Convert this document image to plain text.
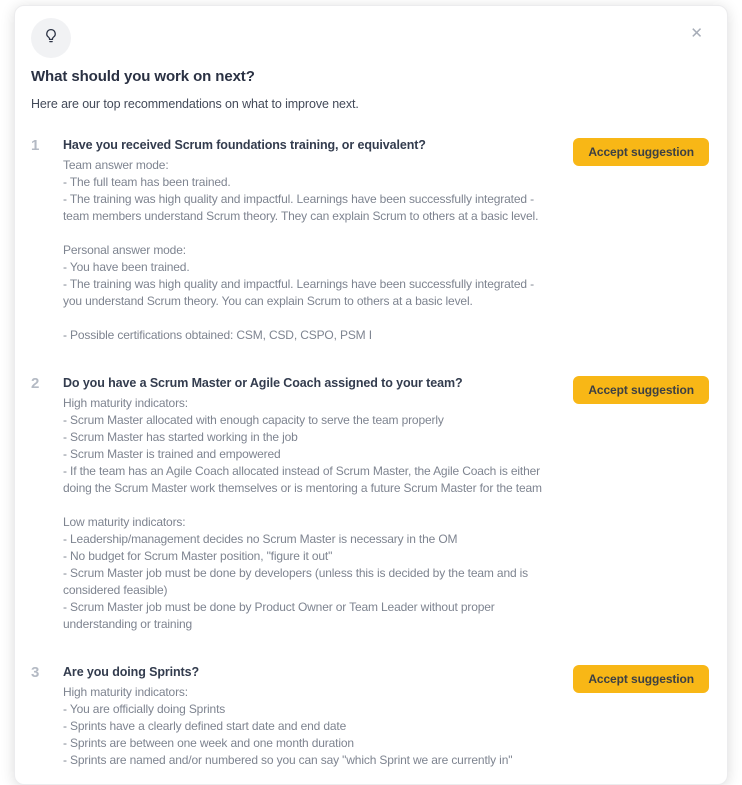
✕
What should you work on next?
Here are our top recommendations on what to improve next.
1	Have you received Scrum foundations training, or equivalent?
Team answer mode:
- The full team has been trained.
- The training was high quality and impactful. Learnings have been successfully integrated -
team members understand Scrum theory. They can explain Scrum to others at a basic level.

Personal answer mode:
- You have been trained.
- The training was high quality and impactful. Learnings have been successfully integrated -
you understand Scrum theory. You can explain Scrum to others at a basic level.

- Possible certifications obtained: CSM, CSD, CSPO, PSM I
Accept suggestion
2	Do you have a Scrum Master or Agile Coach assigned to your team?
High maturity indicators:
- Scrum Master allocated with enough capacity to serve the team properly
- Scrum Master has started working in the job
- Scrum Master is trained and empowered
- If the team has an Agile Coach allocated instead of Scrum Master, the Agile Coach is either
doing the Scrum Master work themselves or is mentoring a future Scrum Master for the team

Low maturity indicators:
- Leadership/management decides no Scrum Master is necessary in the OM
- No budget for Scrum Master position, "figure it out"
- Scrum Master job must be done by developers (unless this is decided by the team and is
considered feasible)
- Scrum Master job must be done by Product Owner or Team Leader without proper
understanding or training
Accept suggestion
3	Are you doing Sprints?
High maturity indicators:
- You are officially doing Sprints
- Sprints have a clearly defined start date and end date
- Sprints are between one week and one month duration
- Sprints are named and/or numbered so you can say "which Sprint we are currently in"
Accept suggestion
